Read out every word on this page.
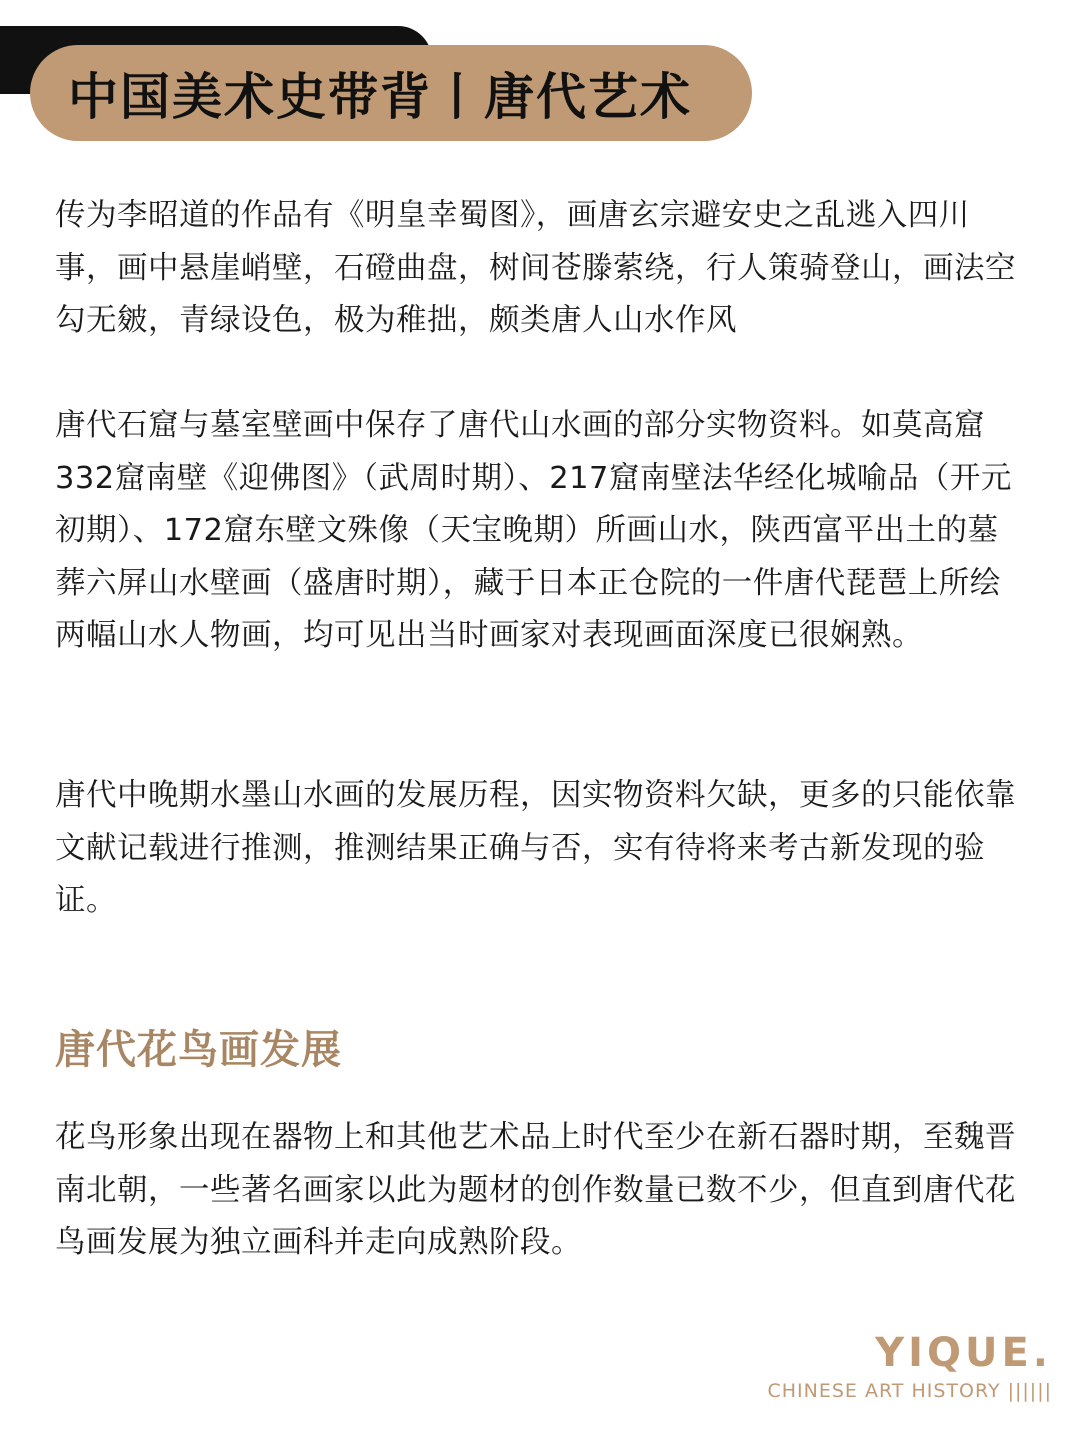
中国美术史带背丨唐代艺术

传为李昭道的作品有《明皇幸蜀图》，画唐玄宗避安史之乱逃入四川事，画中悬崖峭壁，石磴曲盘，树间苍滕萦绕，行人策骑登山，画法空勾无皴，青绿设色，极为稚拙，颇类唐人山水作风

唐代石窟与墓室壁画中保存了唐代山水画的部分实物资料。如莫高窟332窟南壁《迎佛图》（武周时期）、217窟南壁法华经化城喻品（开元初期）、172窟东壁文殊像（天宝晚期）所画山水，陕西富平出土的墓葬六屏山水壁画（盛唐时期），藏于日本正仓院的一件唐代琵琶上所绘两幅山水人物画，均可见出当时画家对表现画面深度已很娴熟。

唐代中晚期水墨山水画的发展历程，因实物资料欠缺，更多的只能依靠文献记载进行推测，推测结果正确与否，实有待将来考古新发现的验证。

唐代花鸟画发展

花鸟形象出现在器物上和其他艺术品上时代至少在新石器时期，至魏晋南北朝，一些著名画家以此为题材的创作数量已数不少，但直到唐代花鸟画发展为独立画科并走向成熟阶段。

YIQUE.
CHINESE ART HISTORY ||||||
